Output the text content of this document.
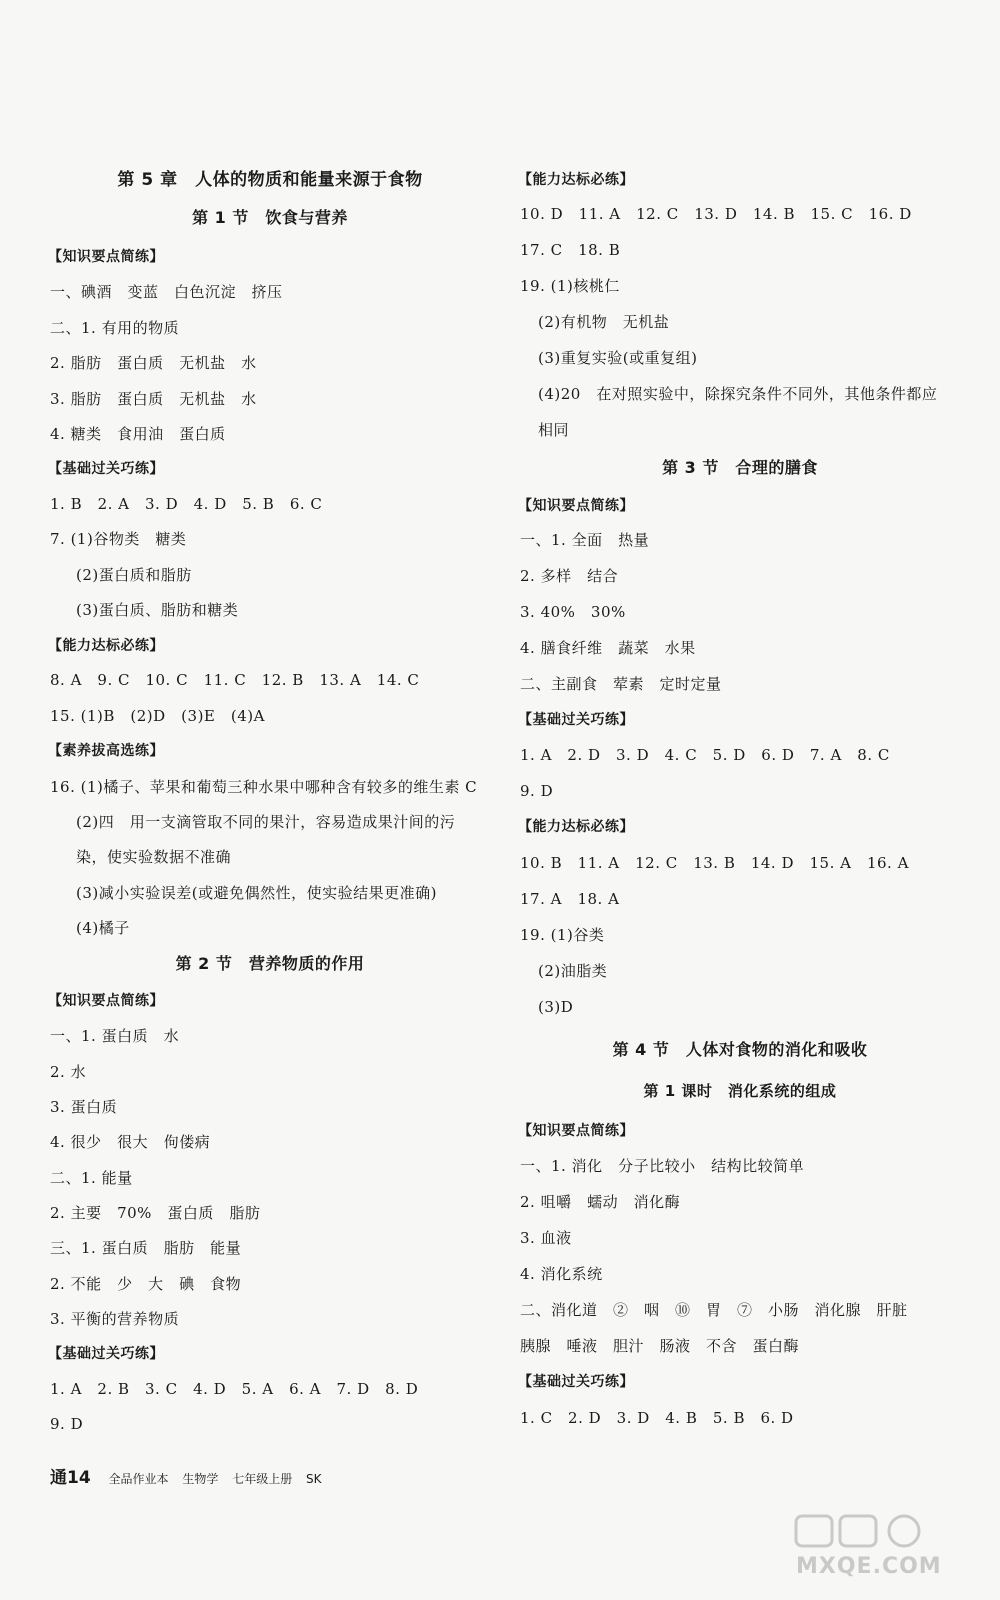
第 5 章　人体的物质和能量来源于食物
第 1 节　饮食与营养
【知识要点简练】
一、碘酒　变蓝　白色沉淀　挤压
二、1. 有用的物质
2. 脂肪　蛋白质　无机盐　水
3. 脂肪　蛋白质　无机盐　水
4. 糖类　食用油　蛋白质
【基础过关巧练】
1. B　2. A　3. D　4. D　5. B　6. C
7. (1)谷物类　糖类
(2)蛋白质和脂肪
(3)蛋白质、脂肪和糖类
【能力达标必练】
8. A　9. C　10. C　11. C　12. B　13. A　14. C
15. (1)B　(2)D　(3)E　(4)A
【素养拔高选练】
16. (1)橘子、苹果和葡萄三种水果中哪种含有较多的维生素 C
(2)四　用一支滴管取不同的果汁，容易造成果汁间的污
染，使实验数据不准确
(3)减小实验误差(或避免偶然性，使实验结果更准确)
(4)橘子
第 2 节　营养物质的作用
【知识要点简练】
一、1. 蛋白质　水
2. 水
3. 蛋白质
4. 很少　很大　佝偻病
二、1. 能量
2. 主要　70%　蛋白质　脂肪
三、1. 蛋白质　脂肪　能量
2. 不能　少　大　碘　食物
3. 平衡的营养物质
【基础过关巧练】
1. A　2. B　3. C　4. D　5. A　6. A　7. D　8. D
9. D
【能力达标必练】
10. D　11. A　12. C　13. D　14. B　15. C　16. D
17. C　18. B
19. (1)核桃仁
(2)有机物　无机盐
(3)重复实验(或重复组)
(4)20　在对照实验中，除探究条件不同外，其他条件都应
相同
第 3 节　合理的膳食
【知识要点简练】
一、1. 全面　热量
2. 多样　结合
3. 40%　30%
4. 膳食纤维　蔬菜　水果
二、主副食　荤素　定时定量
【基础过关巧练】
1. A　2. D　3. D　4. C　5. D　6. D　7. A　8. C
9. D
【能力达标必练】
10. B　11. A　12. C　13. B　14. D　15. A　16. A
17. A　18. A
19. (1)谷类
(2)油脂类
(3)D
第 4 节　人体对食物的消化和吸收
第 1 课时　消化系统的组成
【知识要点简练】
一、1. 消化　分子比较小　结构比较简单
2. 咀嚼　蠕动　消化酶
3. 血液
4. 消化系统
二、消化道　②　咽　⑩　胃　⑦　小肠　消化腺　肝脏
胰腺　唾液　胆汁　肠液　不含　蛋白酶
【基础过关巧练】
1. C　2. D　3. D　4. B　5. B　6. D
通14 全品作业本 生物学 七年级上册 SK
MXQE.COM
